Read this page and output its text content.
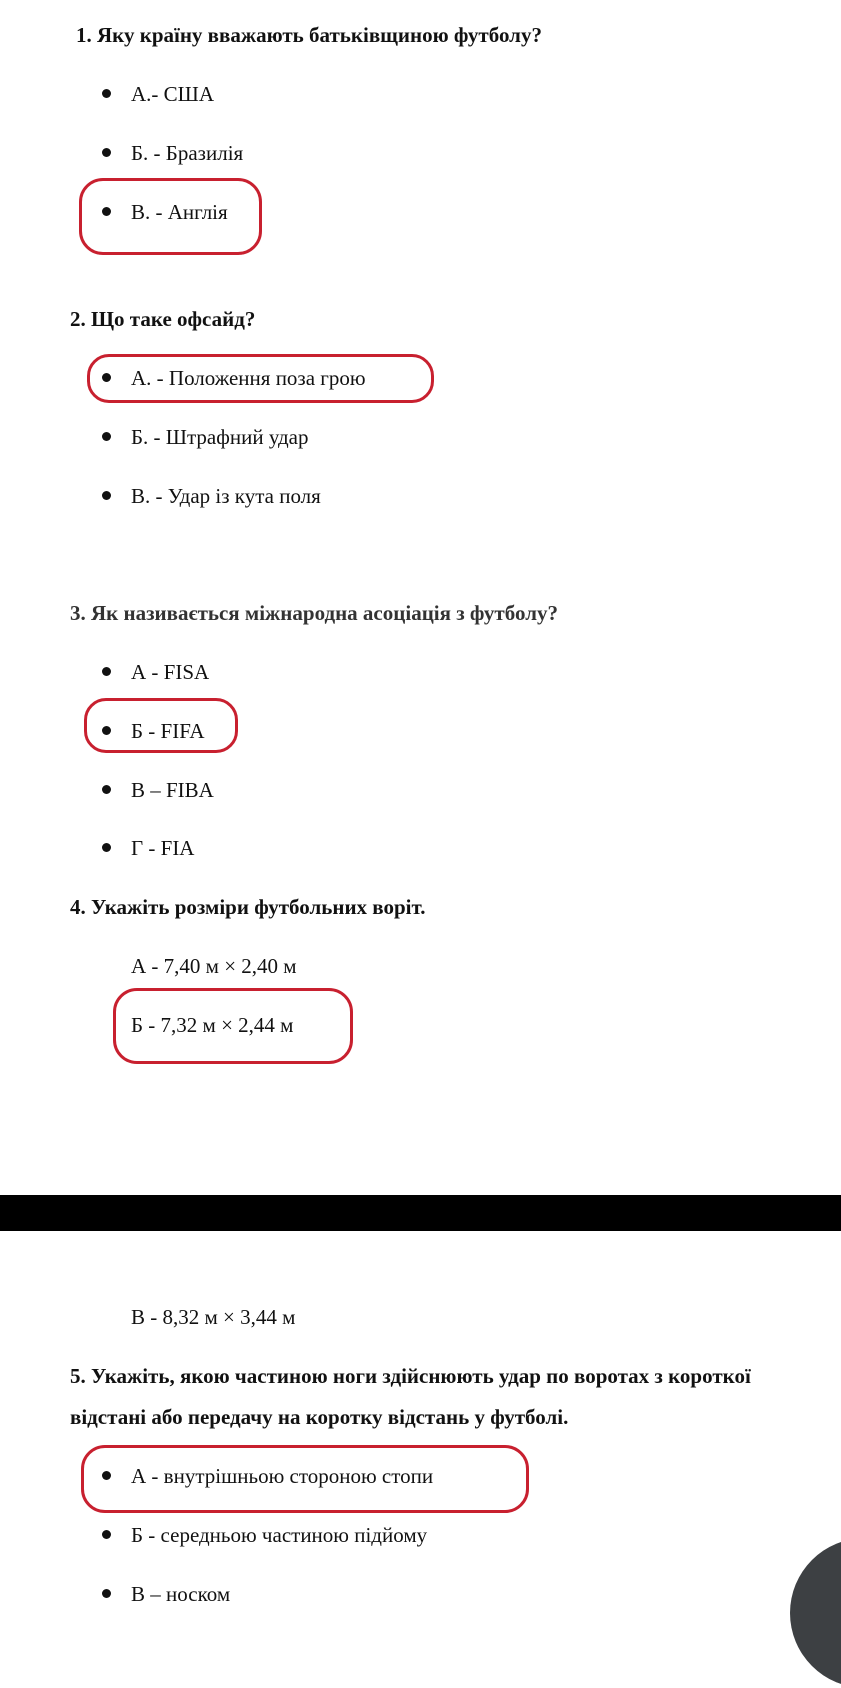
1. Яку країну вважають батьківщиною футболу?
А.- США
Б. - Бразилія
В. - Англія
2. Що таке офсайд?
А. - Положення поза грою
Б. - Штрафний удар
В. - Удар із кута поля
3. Як називається міжнародна асоціація з футболу?
А - FISA
Б - FIFA
В – FIBA
Г - FIA
4. Укажіть розміри футбольних воріт.
А - 7,40 м × 2,40 м
Б - 7,32 м × 2,44 м
В - 8,32 м × 3,44 м
5. Укажіть, якою частиною ноги здійснюють удар по воротах з короткої
відстані або передачу на коротку відстань у футболі.
А - внутрішньою стороною стопи
Б - середньою частиною підйому
В – носком
